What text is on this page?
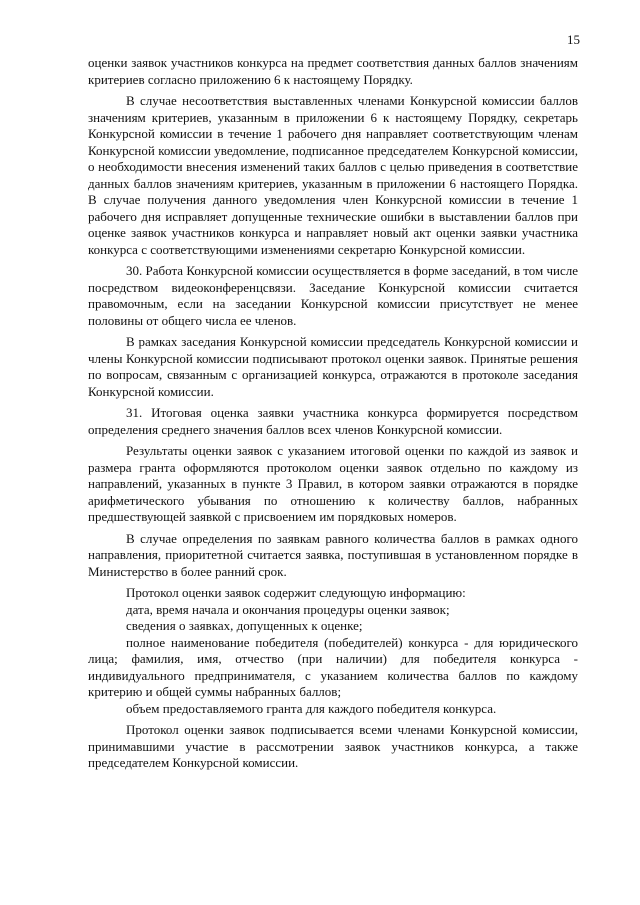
15

оценки заявок участников конкурса на предмет соответствия данных баллов значениям критериев согласно приложению 6 к настоящему Порядку.

В случае несоответствия выставленных членами Конкурсной комиссии баллов значениям критериев, указанным в приложении 6 к настоящему Порядку, секретарь Конкурсной комиссии в течение 1 рабочего дня направляет соответствующим членам Конкурсной комиссии уведомление, подписанное председателем Конкурсной комиссии, о необходимости внесения изменений таких баллов с целью приведения в соответствие данных баллов значениям критериев, указанным в приложении 6 настоящего Порядка. В случае получения данного уведомления член Конкурсной комиссии в течение 1 рабочего дня исправляет допущенные технические ошибки в выставлении баллов при оценке заявок участников конкурса и направляет новый акт оценки заявки участника конкурса с соответствующими изменениями секретарю Конкурсной комиссии.

30. Работа Конкурсной комиссии осуществляется в форме заседаний, в том числе посредством видеоконференцсвязи. Заседание Конкурсной комиссии считается правомочным, если на заседании Конкурсной комиссии присутствует не менее половины от общего числа ее членов.

В рамках заседания Конкурсной комиссии председатель Конкурсной комиссии и члены Конкурсной комиссии подписывают протокол оценки заявок. Принятые решения по вопросам, связанным с организацией конкурса, отражаются в протоколе заседания Конкурсной комиссии.

31. Итоговая оценка заявки участника конкурса формируется посредством определения среднего значения баллов всех членов Конкурсной комиссии.

Результаты оценки заявок с указанием итоговой оценки по каждой из заявок и размера гранта оформляются протоколом оценки заявок отдельно по каждому из направлений, указанных в пункте 3 Правил, в котором заявки отражаются в порядке арифметического убывания по отношению к количеству баллов, набранных предшествующей заявкой с присвоением им порядковых номеров.

В случае определения по заявкам равного количества баллов в рамках одного направления, приоритетной считается заявка, поступившая в установленном порядке в Министерство в более ранний срок.

Протокол оценки заявок содержит следующую информацию:

дата, время начала и окончания процедуры оценки заявок;

сведения о заявках, допущенных к оценке;

полное наименование победителя (победителей) конкурса - для юридического лица; фамилия, имя, отчество (при наличии) для победителя конкурса - индивидуального предпринимателя, с указанием количества баллов по каждому критерию и общей суммы набранных баллов;

объем предоставляемого гранта для каждого победителя конкурса.

Протокол оценки заявок подписывается всеми членами Конкурсной комиссии, принимавшими участие в рассмотрении заявок участников конкурса, а также председателем Конкурсной комиссии.
